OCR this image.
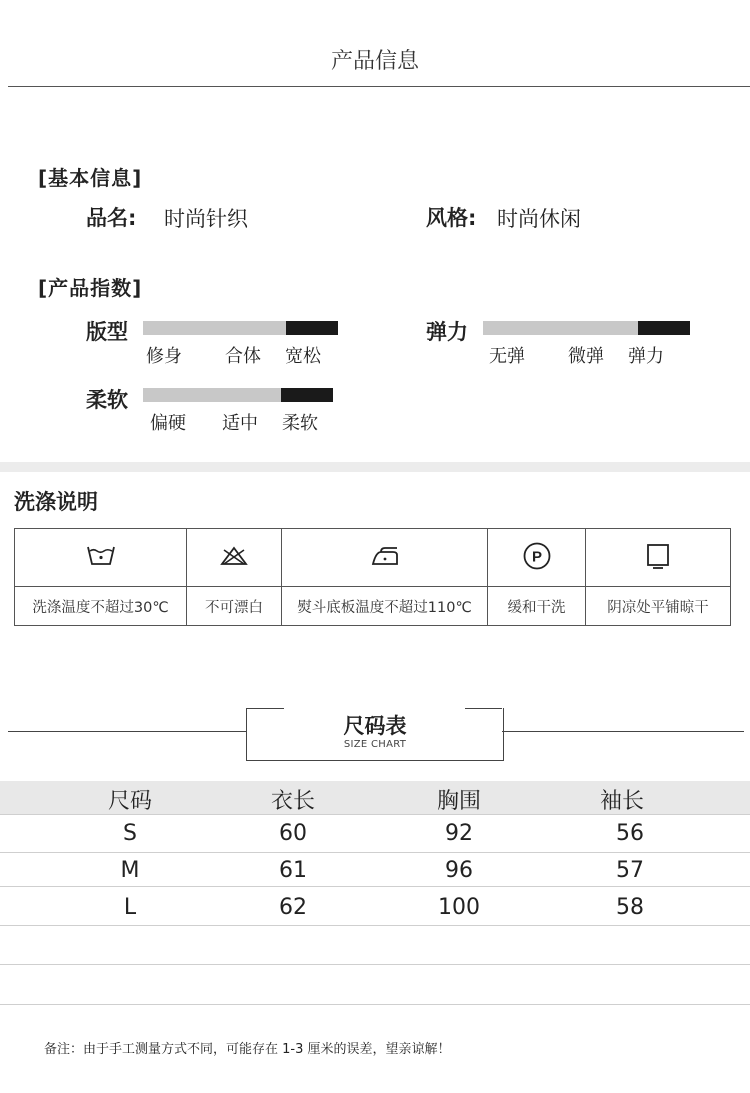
产品信息
[基本信息]
品名: 时尚针织	风格: 时尚休闲
[产品指数]
版型
修身 合体 宽松
弹力
无弹 微弹 弹力
柔软
偏硬 适中 柔软
洗涤说明

P

洗涤温度不超过30℃	不可漂白	熨斗底板温度不超过110℃	缓和干洗	阴凉处平铺晾干
尺码表
SIZE CHART
尺码	衣长	胸围	袖长
S	60	92	56
M	61	96	57
L	62	100	58
备注：由于手工测量方式不同，可能存在 1-3 厘米的误差，望亲谅解！
